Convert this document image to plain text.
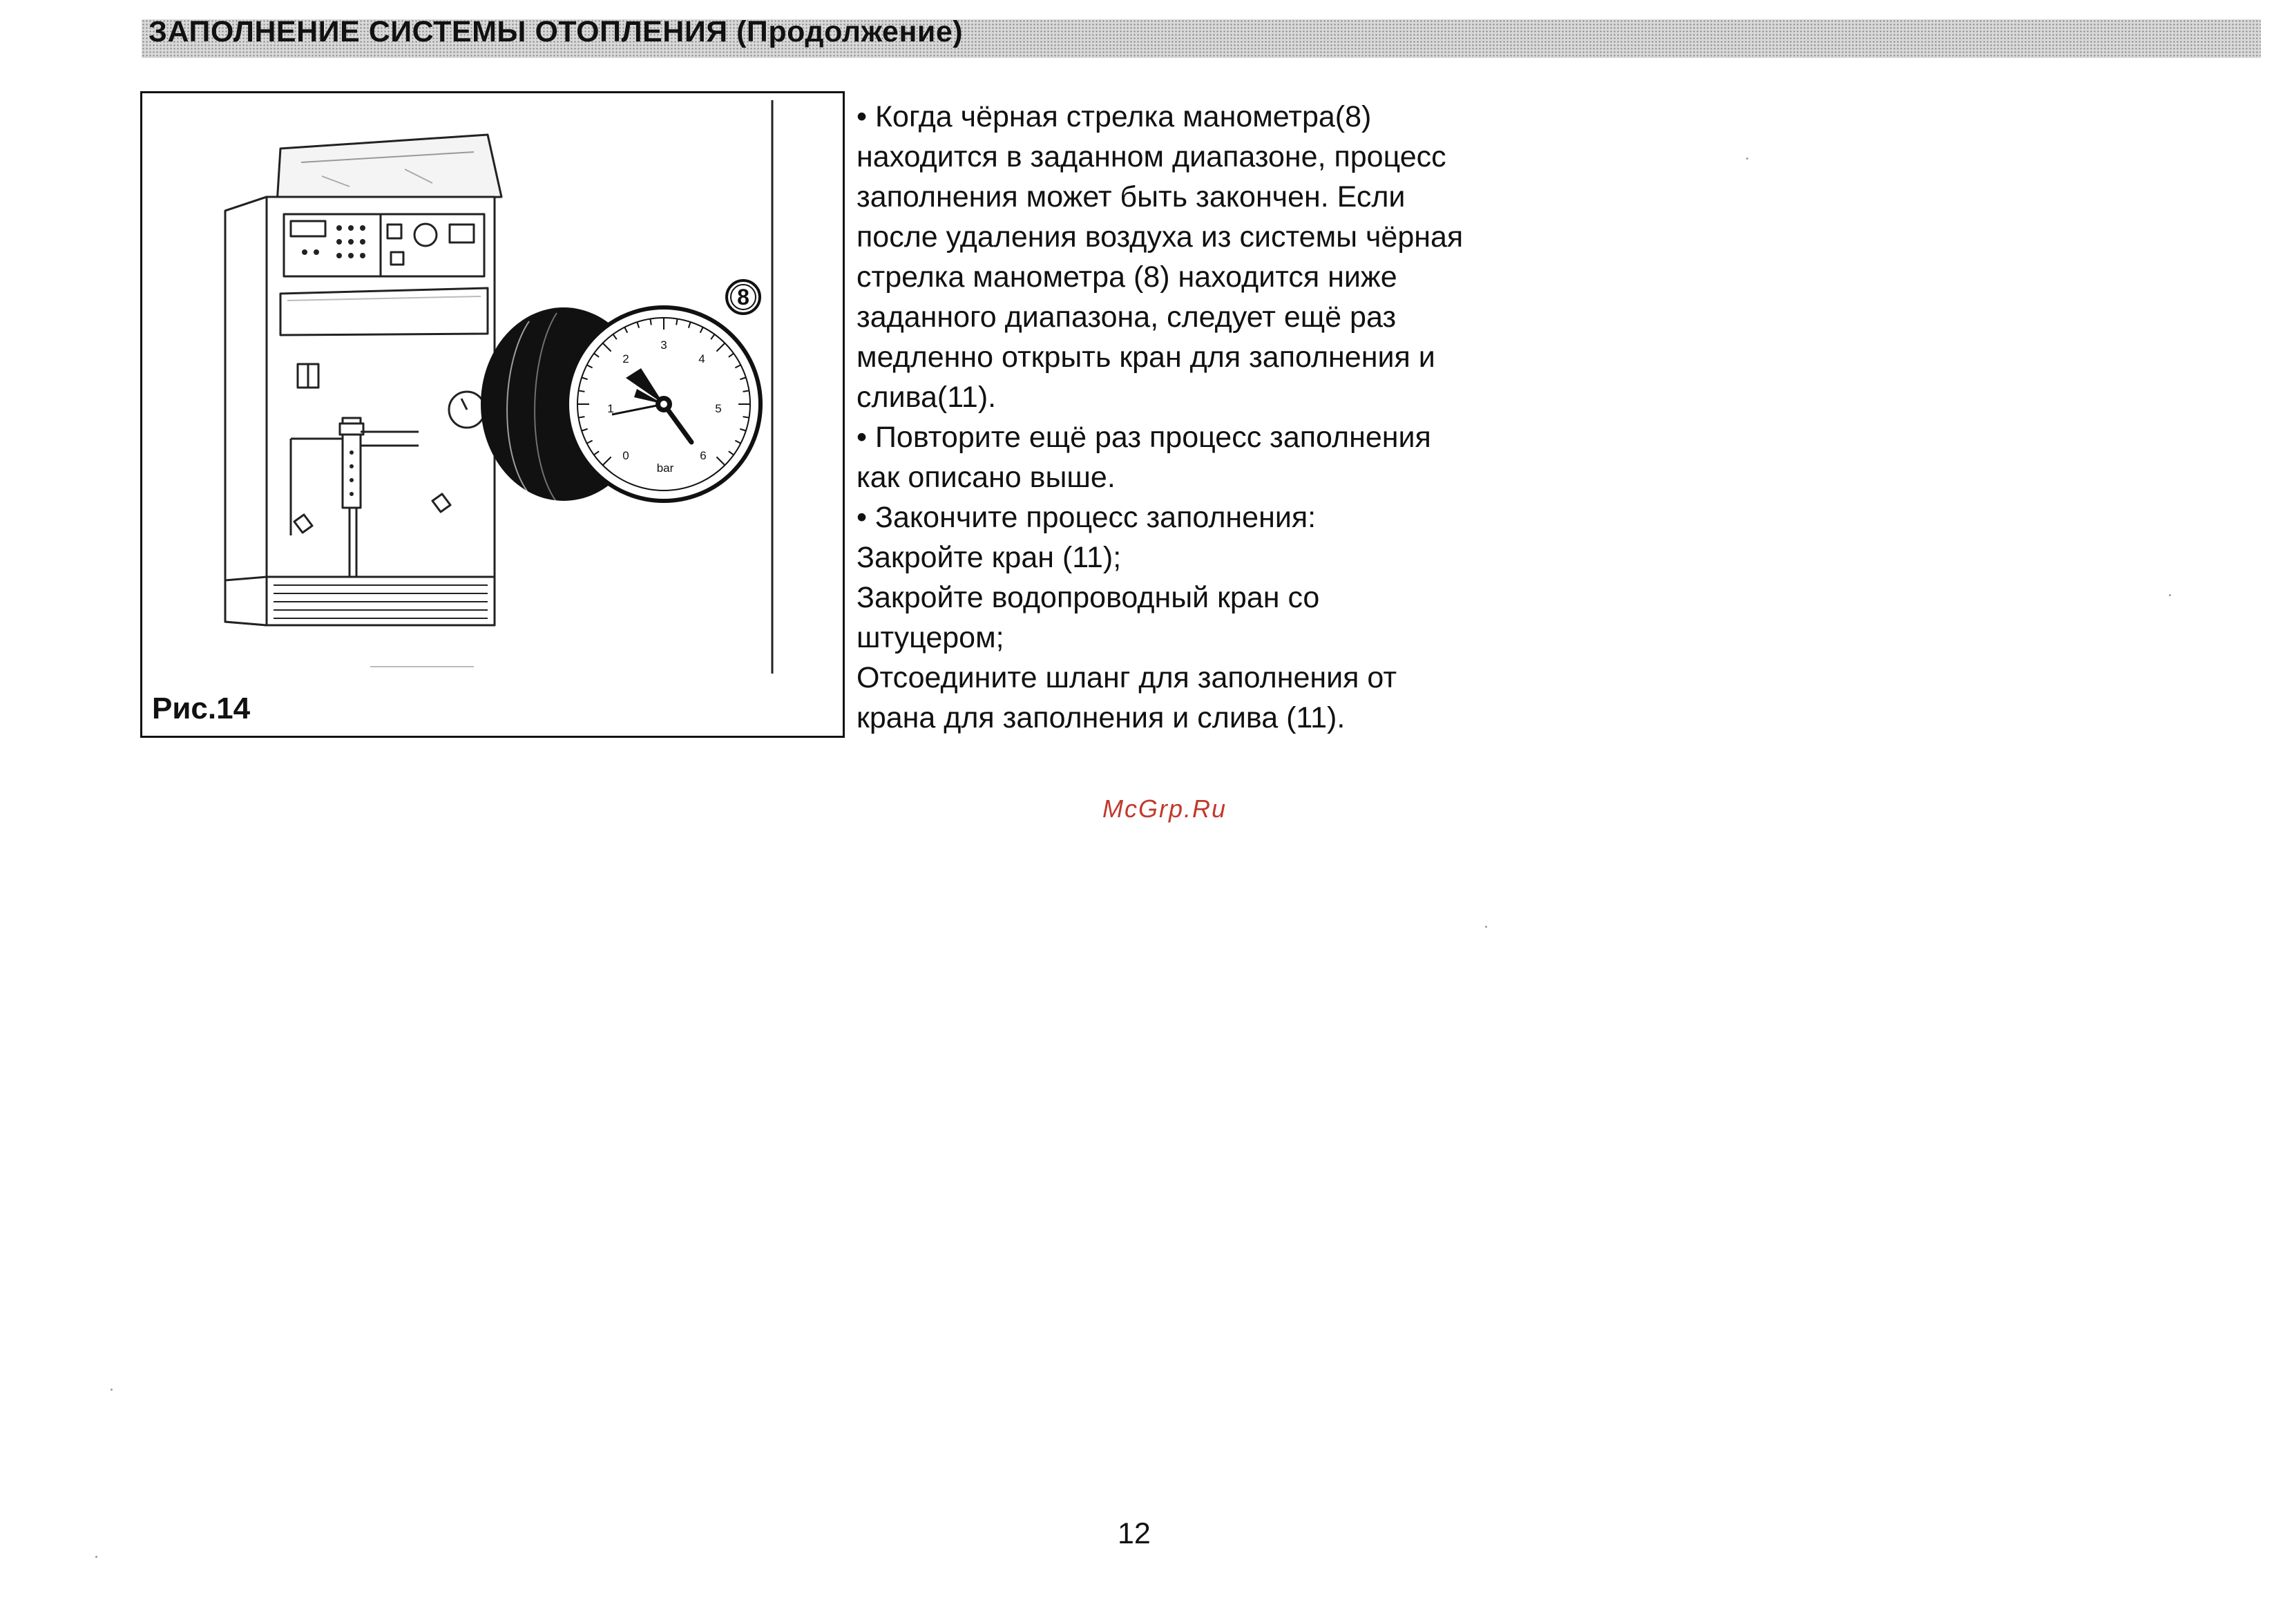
ЗАПОЛНЕНИЕ СИСТЕМЫ ОТОПЛЕНИЯ (Продолжение)
0
1
2
3
4
5
6
bar
8
Рис.14
• Когда чёрная стрелка манометра(8)
находится в заданном диапазоне, процесс
заполнения может быть закончен. Если
после удаления воздуха из системы чёрная
стрелка манометра (8) находится ниже
заданного диапазона, следует ещё раз
медленно открыть кран для заполнения и
слива(11).
• Повторите ещё раз процесс заполнения
как описано выше.
• Закончите процесс заполнения:
Закройте кран (11);
Закройте водопроводный кран со
штуцером;
Отсоедините шланг для заполнения от
крана для заполнения и слива (11).
McGrp.Ru
12
